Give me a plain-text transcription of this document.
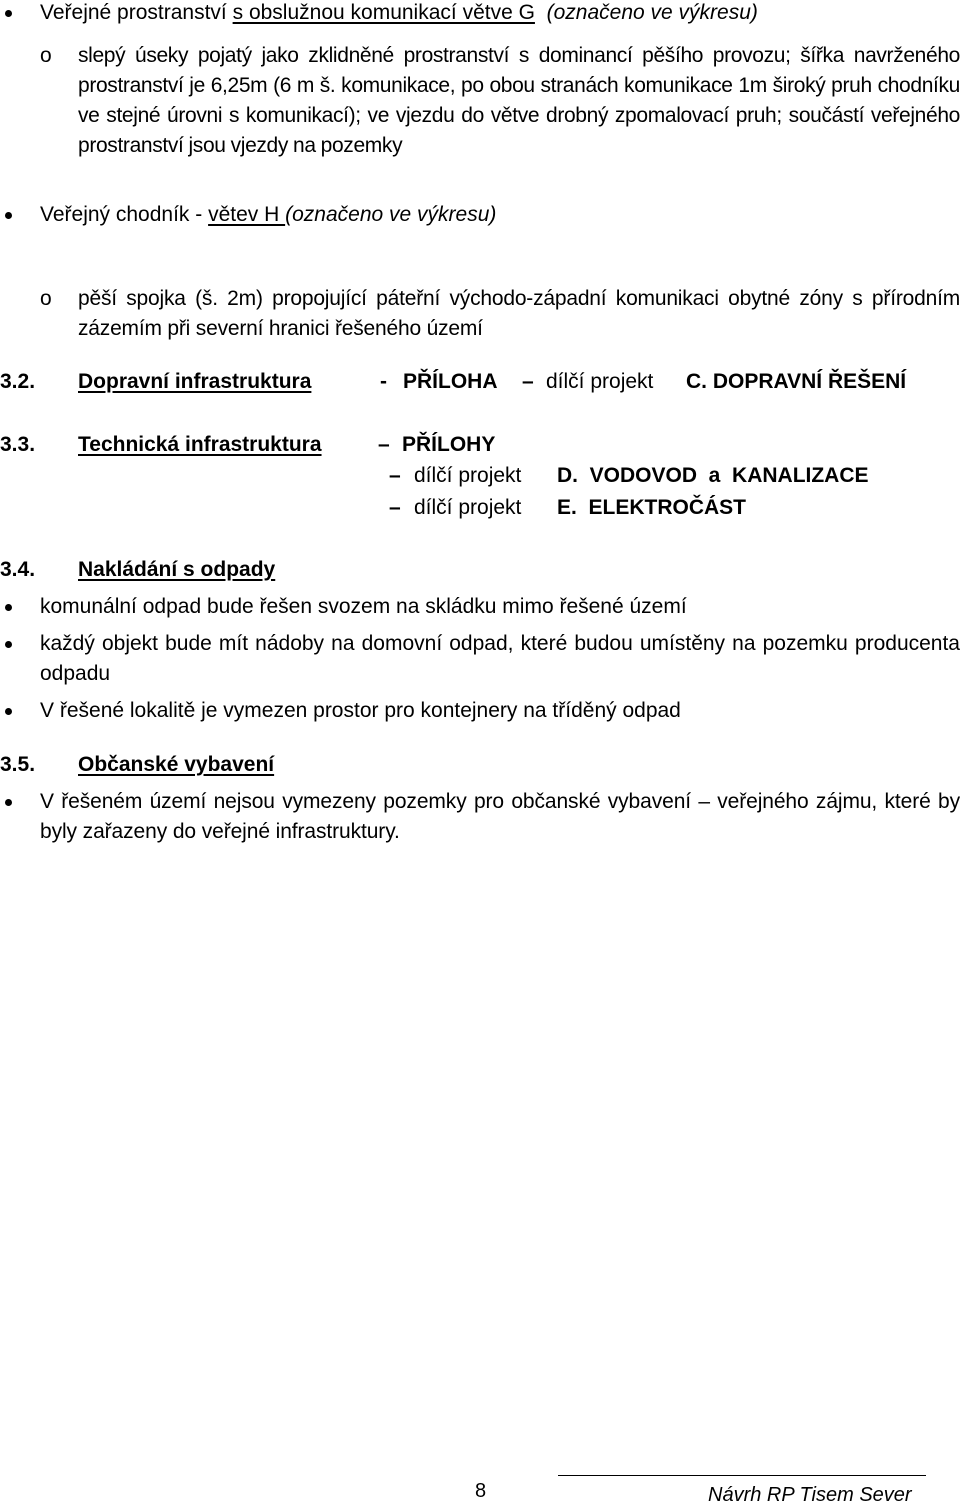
Veřejné prostranství s obslužnou komunikací větve G (označeno ve výkresu)
o slepý úseky pojatý jako zklidněné prostranství s dominancí pěšího provozu; šířka navrženého prostranství je 6,25m (6 m š. komunikace, po obou stranách komunikace 1m široký pruh chodníku ve stejné úrovni s komunikací); ve vjezdu do větve drobný zpomalovací pruh; součástí veřejného prostranství jsou vjezdy na pozemky
Veřejný chodník - větev H (označeno ve výkresu)
o pěší spojka (š. 2m) propojující páteřní východo-západní komunikaci obytné zóny s přírodním zázemím při severní hranici řešeného území
3.2. Dopravní infrastruktura	- PŘÍLOHA – dílčí projekt C. DOPRAVNÍ ŘEŠENÍ
3.3. Technická infrastruktura	– PŘÍLOHY
– dílčí projekt D.  VODOVOD  a  KANALIZACE
– dílčí projekt E.  ELEKTROČÁST
3.4. Nakládání s odpady
komunální odpad bude řešen svozem na skládku mimo řešené území
každý objekt bude mít nádoby na domovní odpad, které budou umístěny na pozemku producenta odpadu
V řešené lokalitě je vymezen prostor pro kontejnery na tříděný odpad
3.5. Občanské vybavení
V řešeném území nejsou vymezeny pozemky pro občanské vybavení – veřejného zájmu, které by byly zařazeny do veřejné infrastruktury.
8	Návrh RP Tisem Sever
